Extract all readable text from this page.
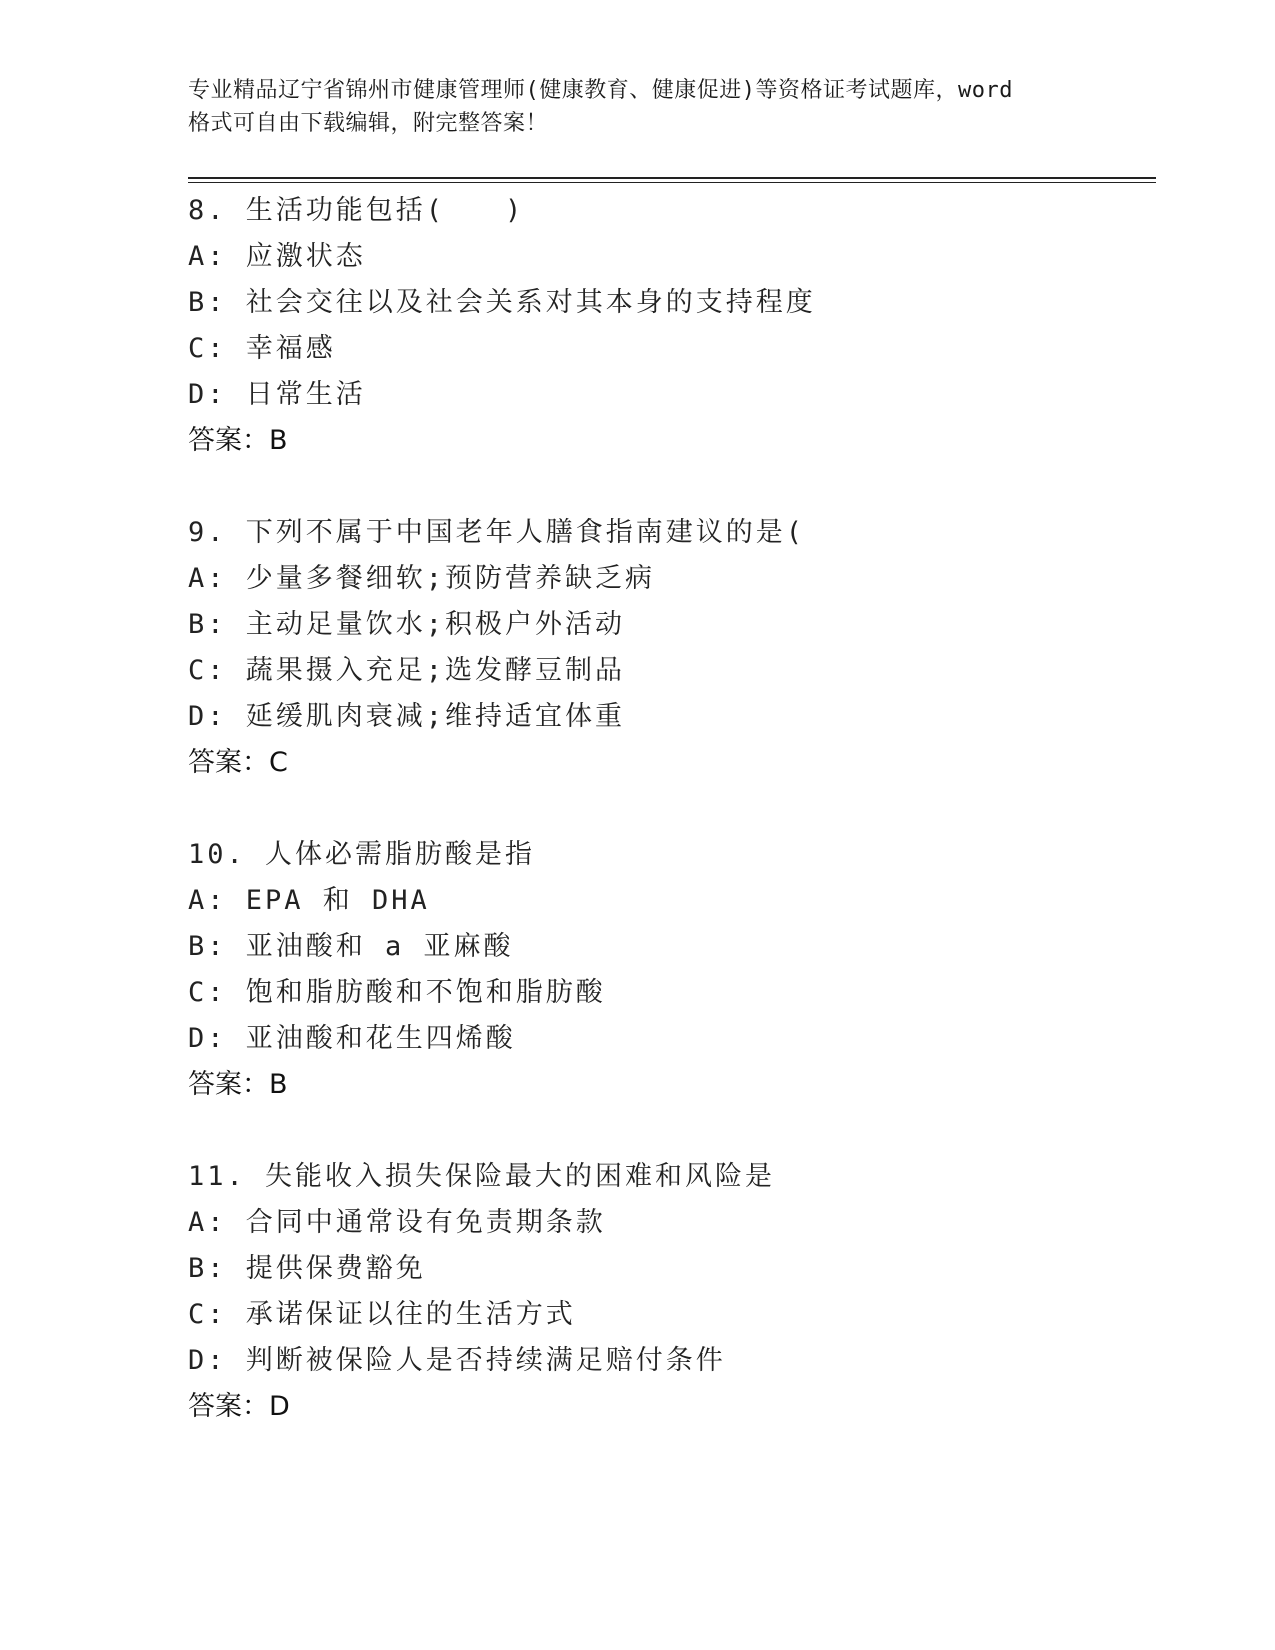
专业精品辽宁省锦州市健康管理师(健康教育、健康促进)等资格证考试题库，word
格式可自由下载编辑，附完整答案！
8. 生活功能包括(　　)
A: 应激状态
B: 社会交往以及社会关系对其本身的支持程度
C: 幸福感
D: 日常生活
答案：B
9. 下列不属于中国老年人膳食指南建议的是(
A: 少量多餐细软;预防营养缺乏病
B: 主动足量饮水;积极户外活动
C: 蔬果摄入充足;选发酵豆制品
D: 延缓肌肉衰减;维持适宜体重
答案：C
10. 人体必需脂肪酸是指
A: EPA 和 DHA
B: 亚油酸和 a 亚麻酸
C: 饱和脂肪酸和不饱和脂肪酸
D: 亚油酸和花生四烯酸
答案：B
11. 失能收入损失保险最大的困难和风险是
A: 合同中通常设有免责期条款
B: 提供保费豁免
C: 承诺保证以往的生活方式
D: 判断被保险人是否持续满足赔付条件
答案：D
